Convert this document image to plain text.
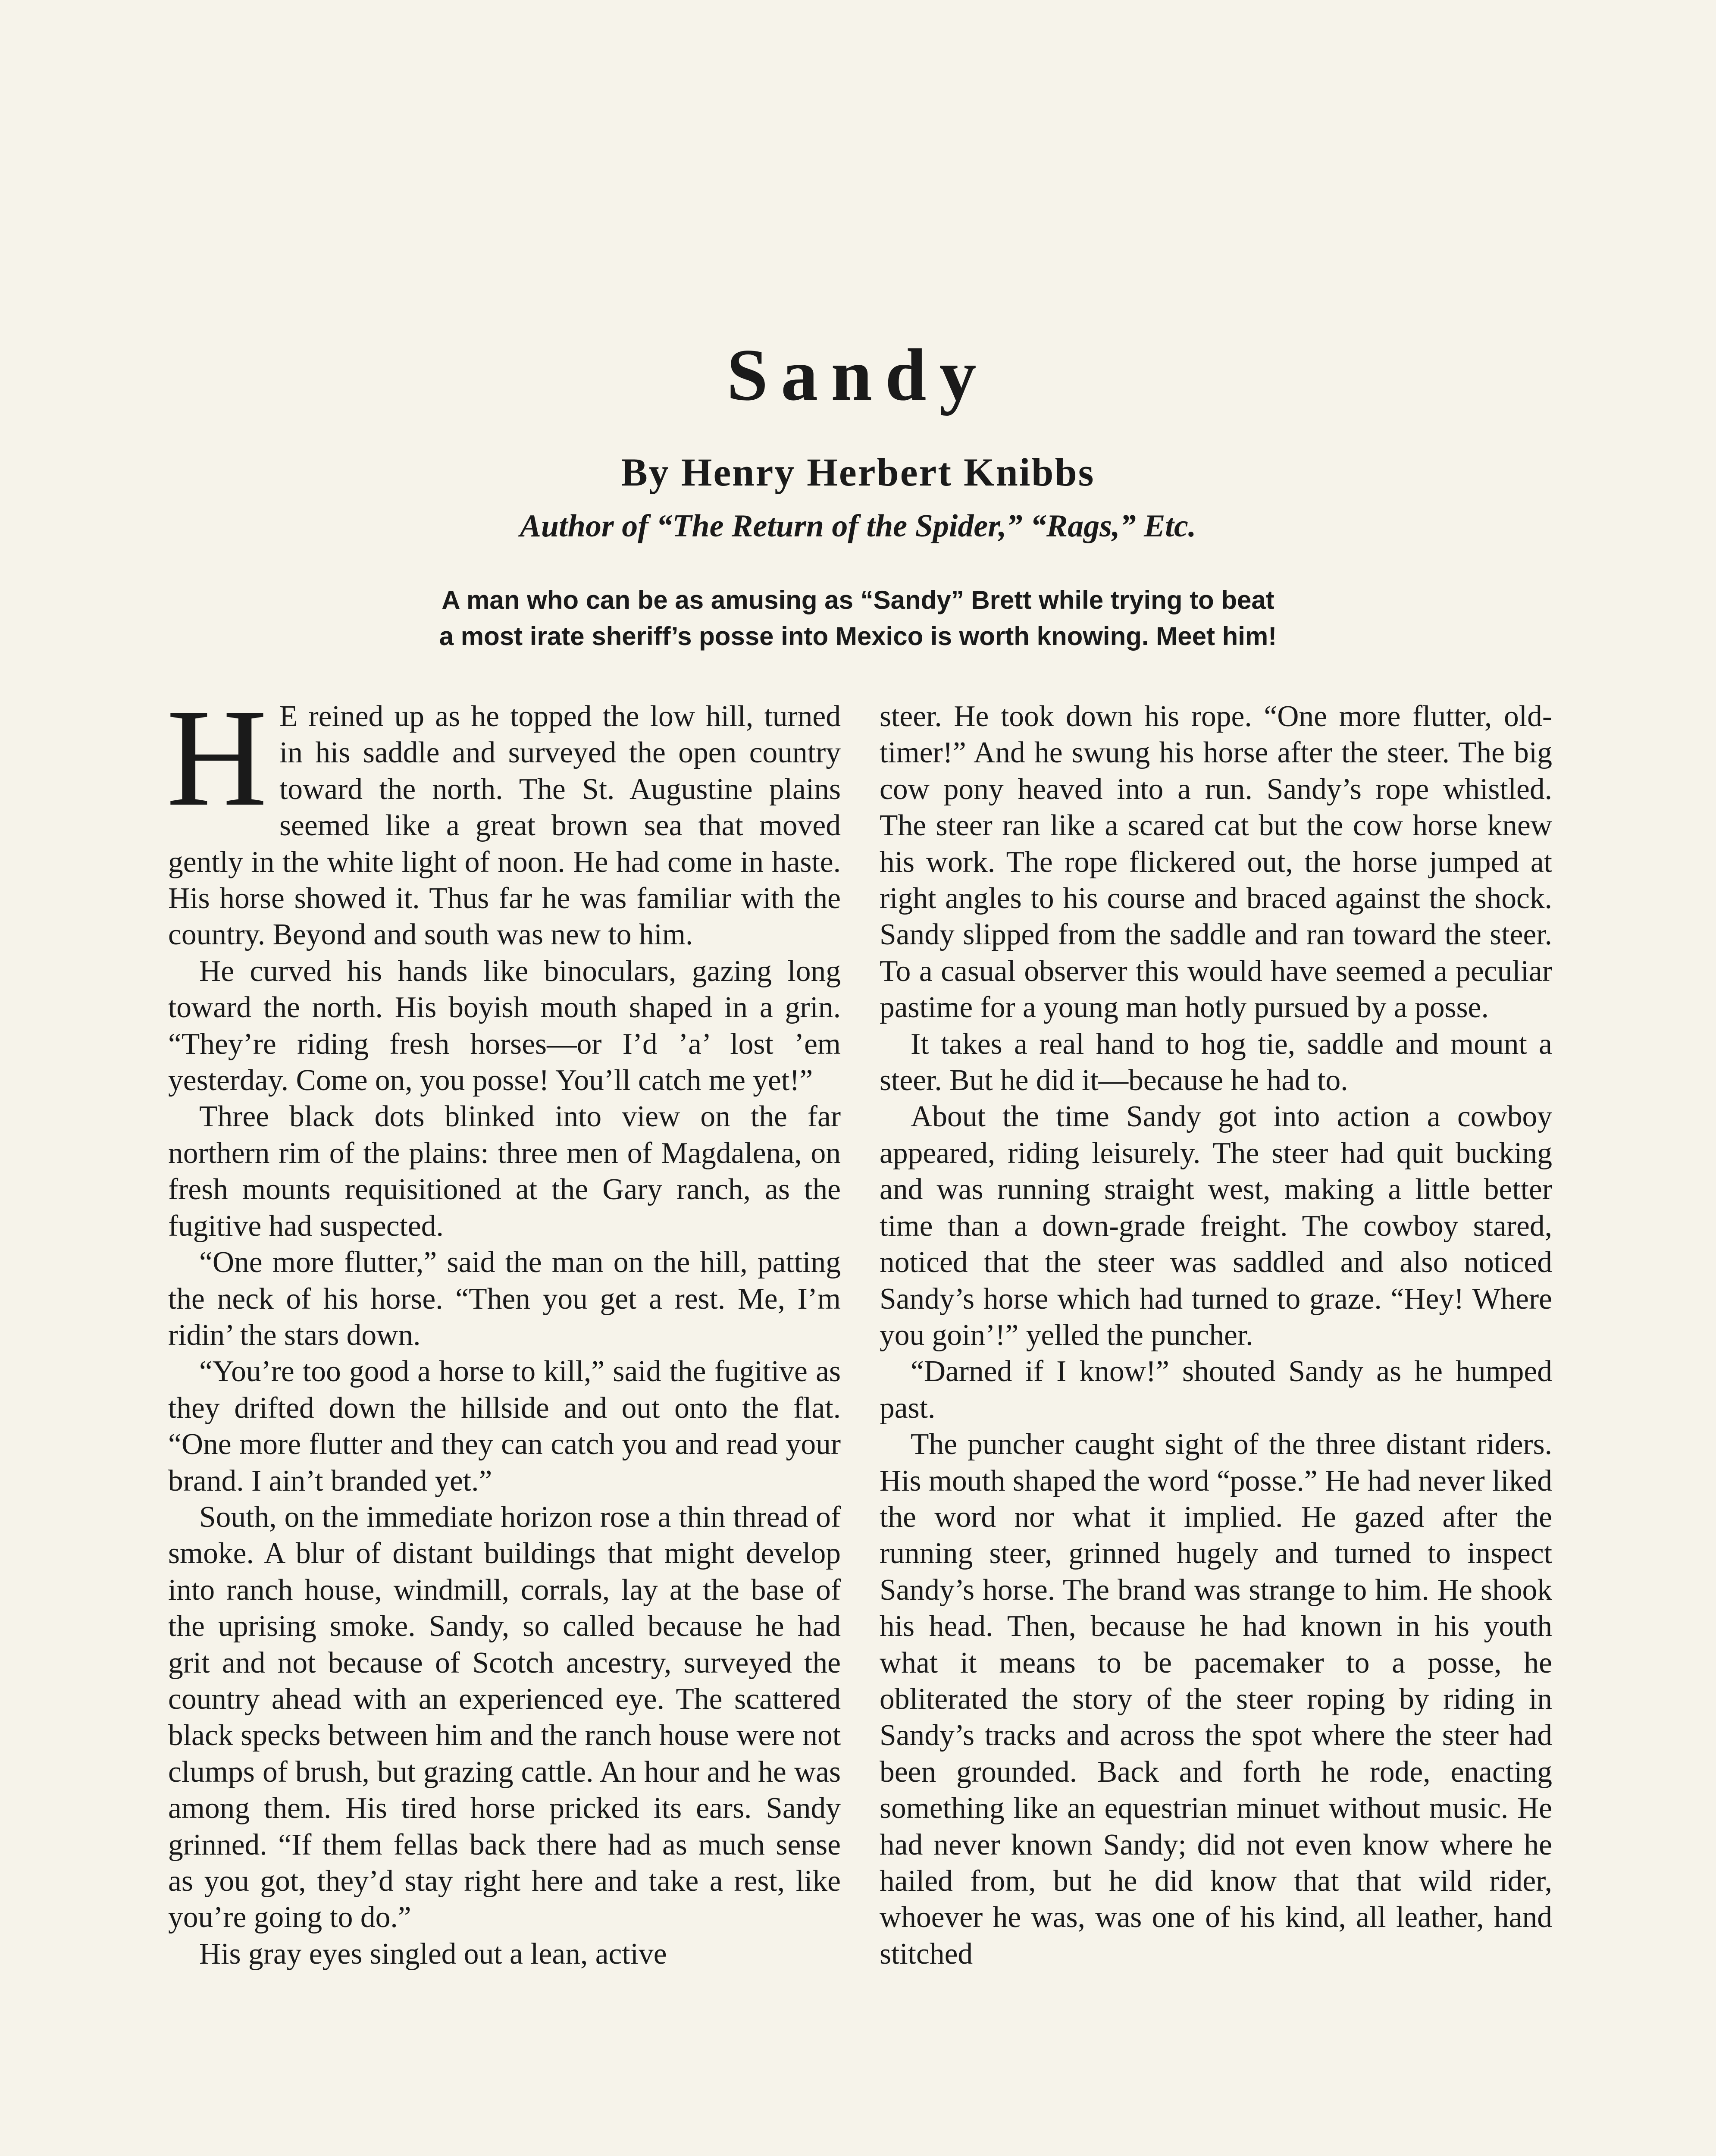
Sandy
By Henry Herbert Knibbs
Author of “The Return of the Spider,” “Rags,” Etc.
A man who can be as amusing as “Sandy” Brett while trying to beat
a most irate sheriff’s posse into Mexico is worth knowing. Meet him!

H E reined up as he topped the low hill, turned in his saddle and surveyed the open country toward the north. The St. Augustine plains seemed like a great brown sea that moved gently in the white light of noon. He had come in haste. His horse showed it. Thus far he was familiar with the country. Beyond and south was new to him.

He curved his hands like binoculars, gazing long toward the north. His boyish mouth shaped in a grin. “They’re riding fresh horses—or I’d ’a’ lost ’em yesterday. Come on, you posse! You’ll catch me yet!”

Three black dots blinked into view on the far northern rim of the plains: three men of Magdalena, on fresh mounts requisitioned at the Gary ranch, as the fugitive had suspected.

“One more flutter,” said the man on the hill, patting the neck of his horse. “Then you get a rest. Me, I’m ridin’ the stars down.

“You’re too good a horse to kill,” said the fugitive as they drifted down the hillside and out onto the flat. “One more flutter and they can catch you and read your brand. I ain’t branded yet.”

South, on the immediate horizon rose a thin thread of smoke. A blur of distant buildings that might develop into ranch house, windmill, corrals, lay at the base of the uprising smoke. Sandy, so called because he had grit and not because of Scotch ancestry, surveyed the country ahead with an experienced eye. The scattered black specks between him and the ranch house were not clumps of brush, but grazing cattle. An hour and he was among them. His tired horse pricked its ears. Sandy grinned. “If them fellas back there had as much sense as you got, they’d stay right here and take a rest, like you’re going to do.”

His gray eyes singled out a lean, active

steer. He took down his rope. “One more flutter, old-timer!” And he swung his horse after the steer. The big cow pony heaved into a run. Sandy’s rope whistled. The steer ran like a scared cat but the cow horse knew his work. The rope flickered out, the horse jumped at right angles to his course and braced against the shock. Sandy slipped from the saddle and ran toward the steer. To a casual observer this would have seemed a peculiar pastime for a young man hotly pursued by a posse.

It takes a real hand to hog tie, saddle and mount a steer. But he did it—because he had to.

About the time Sandy got into action a cowboy appeared, riding leisurely. The steer had quit bucking and was running straight west, making a little better time than a down-grade freight. The cowboy stared, noticed that the steer was saddled and also noticed Sandy’s horse which had turned to graze. “Hey! Where you goin’!” yelled the puncher.

“Darned if I know!” shouted Sandy as he humped past.

The puncher caught sight of the three distant riders. His mouth shaped the word “posse.” He had never liked the word nor what it implied. He gazed after the running steer, grinned hugely and turned to inspect Sandy’s horse. The brand was strange to him. He shook his head. Then, because he had known in his youth what it means to be pacemaker to a posse, he obliterated the story of the steer roping by riding in Sandy’s tracks and across the spot where the steer had been grounded. Back and forth he rode, enacting something like an equestrian minuet without music. He had never known Sandy; did not even know where he hailed from, but he did know that that wild rider, whoever he was, was one of his kind, all leather, hand stitched
